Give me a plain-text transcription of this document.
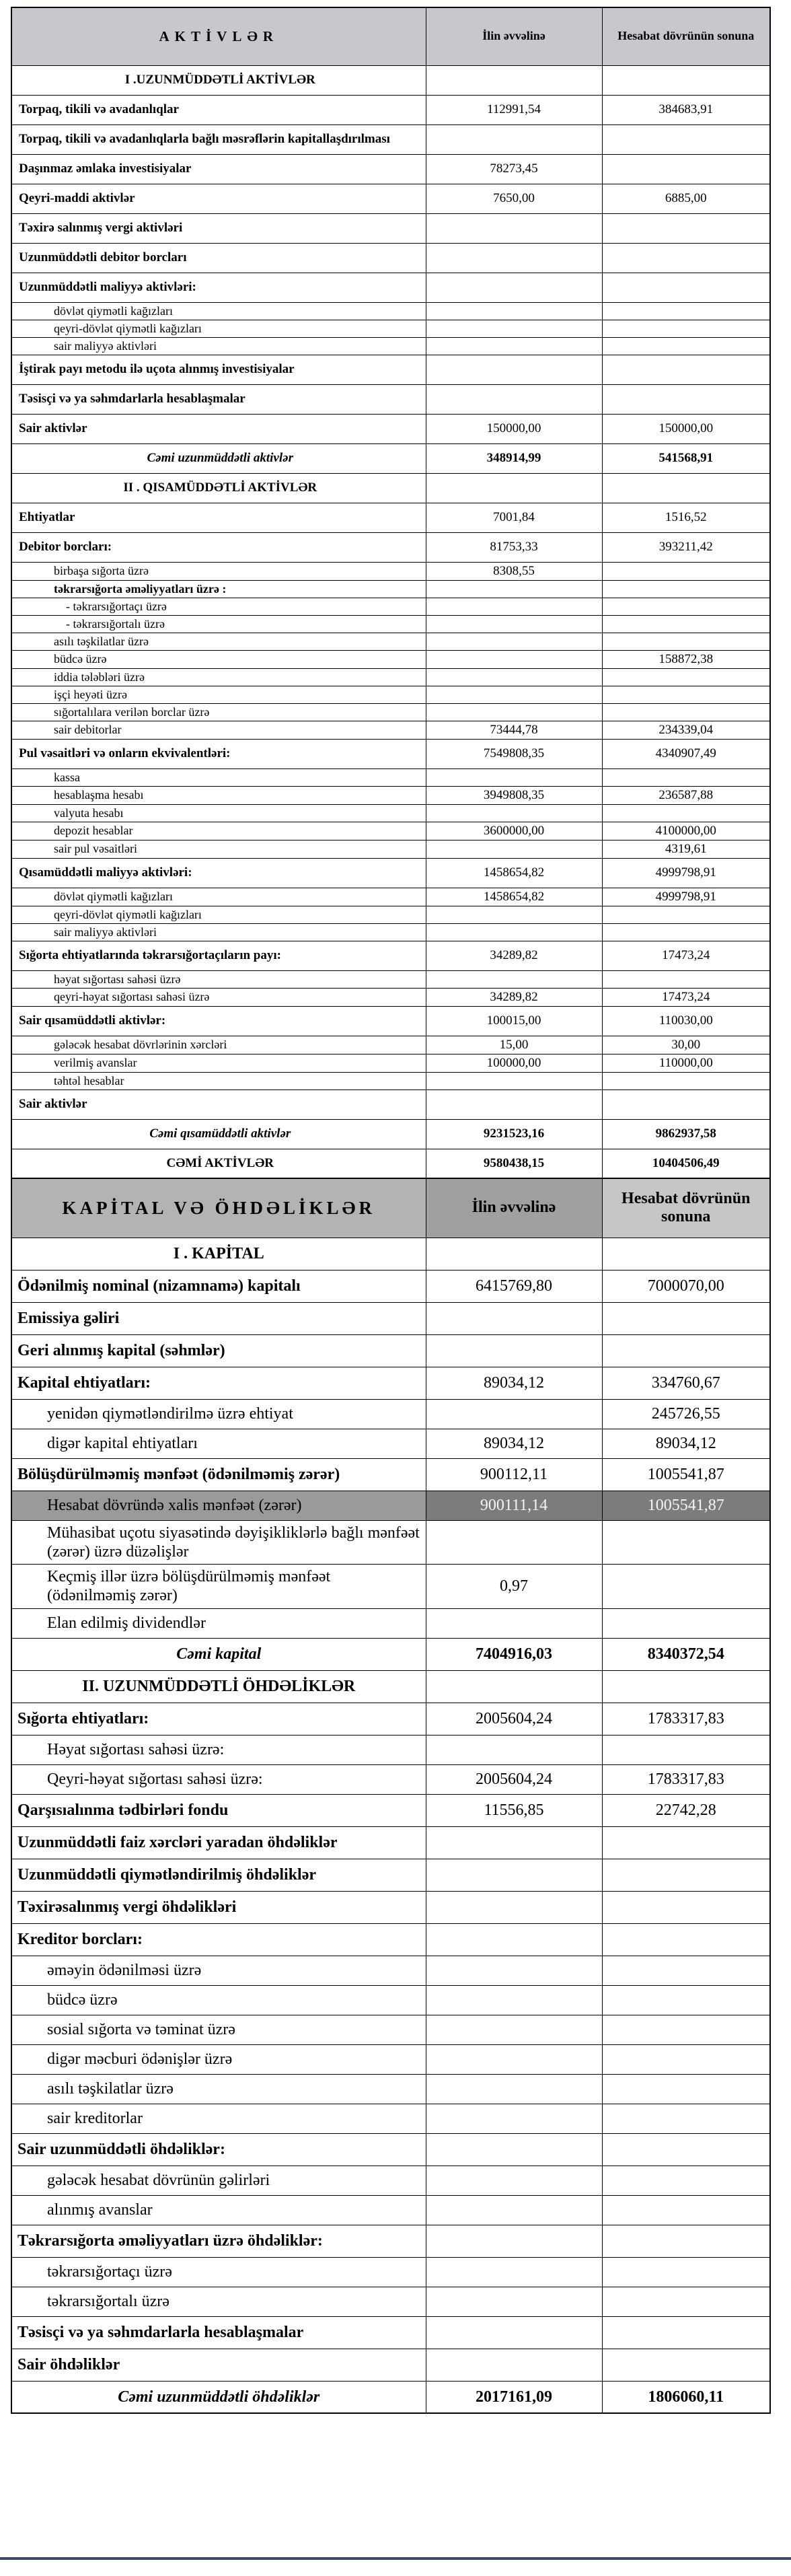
AKTİVLƏR	İlin əvvəlinə	Hesabat dövrünün sonuna
I .UZUNMÜDDƏTLİ AKTİVLƏR		
Torpaq, tikili və avadanlıqlar	112991,54	384683,91
Torpaq, tikili və avadanlıqlarla bağlı məsrəflərin kapitallaşdırılması		
Daşınmaz əmlaka investisiyalar	78273,45	
Qeyri-maddi aktivlər	7650,00	6885,00
Təxirə salınmış vergi aktivləri		
Uzunmüddətli debitor borcları		
Uzunmüddətli maliyyə aktivləri:		
dövlət qiymətli kağızları		
qeyri-dövlət qiymətli kağızları		
sair maliyyə aktivləri		
İştirak payı metodu ilə uçota alınmış investisiyalar		
Təsisçi və ya səhmdarlarla hesablaşmalar		
Sair aktivlər	150000,00	150000,00
Cəmi uzunmüddətli aktivlər	348914,99	541568,91
II . QISAMÜDDƏTLİ AKTİVLƏR		
Ehtiyatlar	7001,84	1516,52
Debitor borcları:	81753,33	393211,42
birbaşa sığorta üzrə	8308,55	
təkrarsığorta əməliyyatları üzrə :		
- təkrarsığortaçı üzrə		
- təkrarsığortalı üzrə		
asılı təşkilatlar üzrə		
büdcə üzrə		158872,38
iddia tələbləri üzrə		
işçi heyəti üzrə		
sığortalılara verilən borclar üzrə		
sair debitorlar	73444,78	234339,04
Pul vəsaitləri və onların ekvivalentləri:	7549808,35	4340907,49
kassa		
hesablaşma hesabı	3949808,35	236587,88
valyuta hesabı		
depozit hesablar	3600000,00	4100000,00
sair pul vəsaitləri		4319,61
Qısamüddətli maliyyə aktivləri:	1458654,82	4999798,91
dövlət qiymətli kağızları	1458654,82	4999798,91
qeyri-dövlət qiymətli kağızları		
sair maliyyə aktivləri		
Sığorta ehtiyatlarında təkrarsığortaçıların payı:	34289,82	17473,24
həyat sığortası sahəsi üzrə		
qeyri-həyat sığortası sahəsi üzrə	34289,82	17473,24
Sair qısamüddətli aktivlər:	100015,00	110030,00
gələcək hesabat dövrlərinin xərcləri	15,00	30,00
verilmiş avanslar	100000,00	110000,00
təhtəl hesablar		
Sair aktivlər		
Cəmi qısamüddətli aktivlər	9231523,16	9862937,58
CƏMİ AKTİVLƏR	9580438,15	10404506,49
KAPİTAL VƏ ÖHDƏLİKLƏR	İlin əvvəlinə	Hesabat dövrünün sonuna
I . KAPİTAL		
Ödənilmiş nominal (nizamnamə) kapitalı	6415769,80	7000070,00
Emissiya gəliri		
Geri alınmış kapital (səhmlər)		
Kapital ehtiyatları:	89034,12	334760,67
yenidən qiymətləndirilmə üzrə ehtiyat		245726,55
digər kapital ehtiyatları	89034,12	89034,12
Bölüşdürülməmiş mənfəət (ödənilməmiş zərər)	900112,11	1005541,87
Hesabat dövründə xalis mənfəət (zərər)	900111,14	1005541,87
Mühasibat uçotu siyasətində dəyişikliklərlə bağlı mənfəət (zərər) üzrə düzəlişlər		
Keçmiş illər üzrə bölüşdürülməmiş mənfəət (ödənilməmiş zərər)	0,97	
Elan edilmiş dividendlər		
Cəmi kapital	7404916,03	8340372,54
II. UZUNMÜDDƏTLİ ÖHDƏLİKLƏR		
Sığorta ehtiyatları:	2005604,24	1783317,83
Həyat sığortası sahəsi üzrə:		
Qeyri-həyat sığortası sahəsi üzrə:	2005604,24	1783317,83
Qarşısıalınma tədbirləri fondu	11556,85	22742,28
Uzunmüddətli faiz xərcləri yaradan öhdəliklər		
Uzunmüddətli qiymətləndirilmiş öhdəliklər		
Təxirəsalınmış vergi öhdəlikləri		
Kreditor borcları:		
əməyin ödənilməsi üzrə		
büdcə üzrə		
sosial sığorta və təminat üzrə		
digər məcburi ödənişlər üzrə		
asılı təşkilatlar üzrə		
sair kreditorlar		
Sair uzunmüddətli öhdəliklər:		
gələcək hesabat dövrünün gəlirləri		
alınmış avanslar		
Təkrarsığorta əməliyyatları üzrə öhdəliklər:		
təkrarsığortaçı üzrə		
təkrarsığortalı üzrə		
Təsisçi və ya səhmdarlarla hesablaşmalar		
Sair öhdəliklər		
Cəmi uzunmüddətli öhdəliklər	2017161,09	1806060,11
